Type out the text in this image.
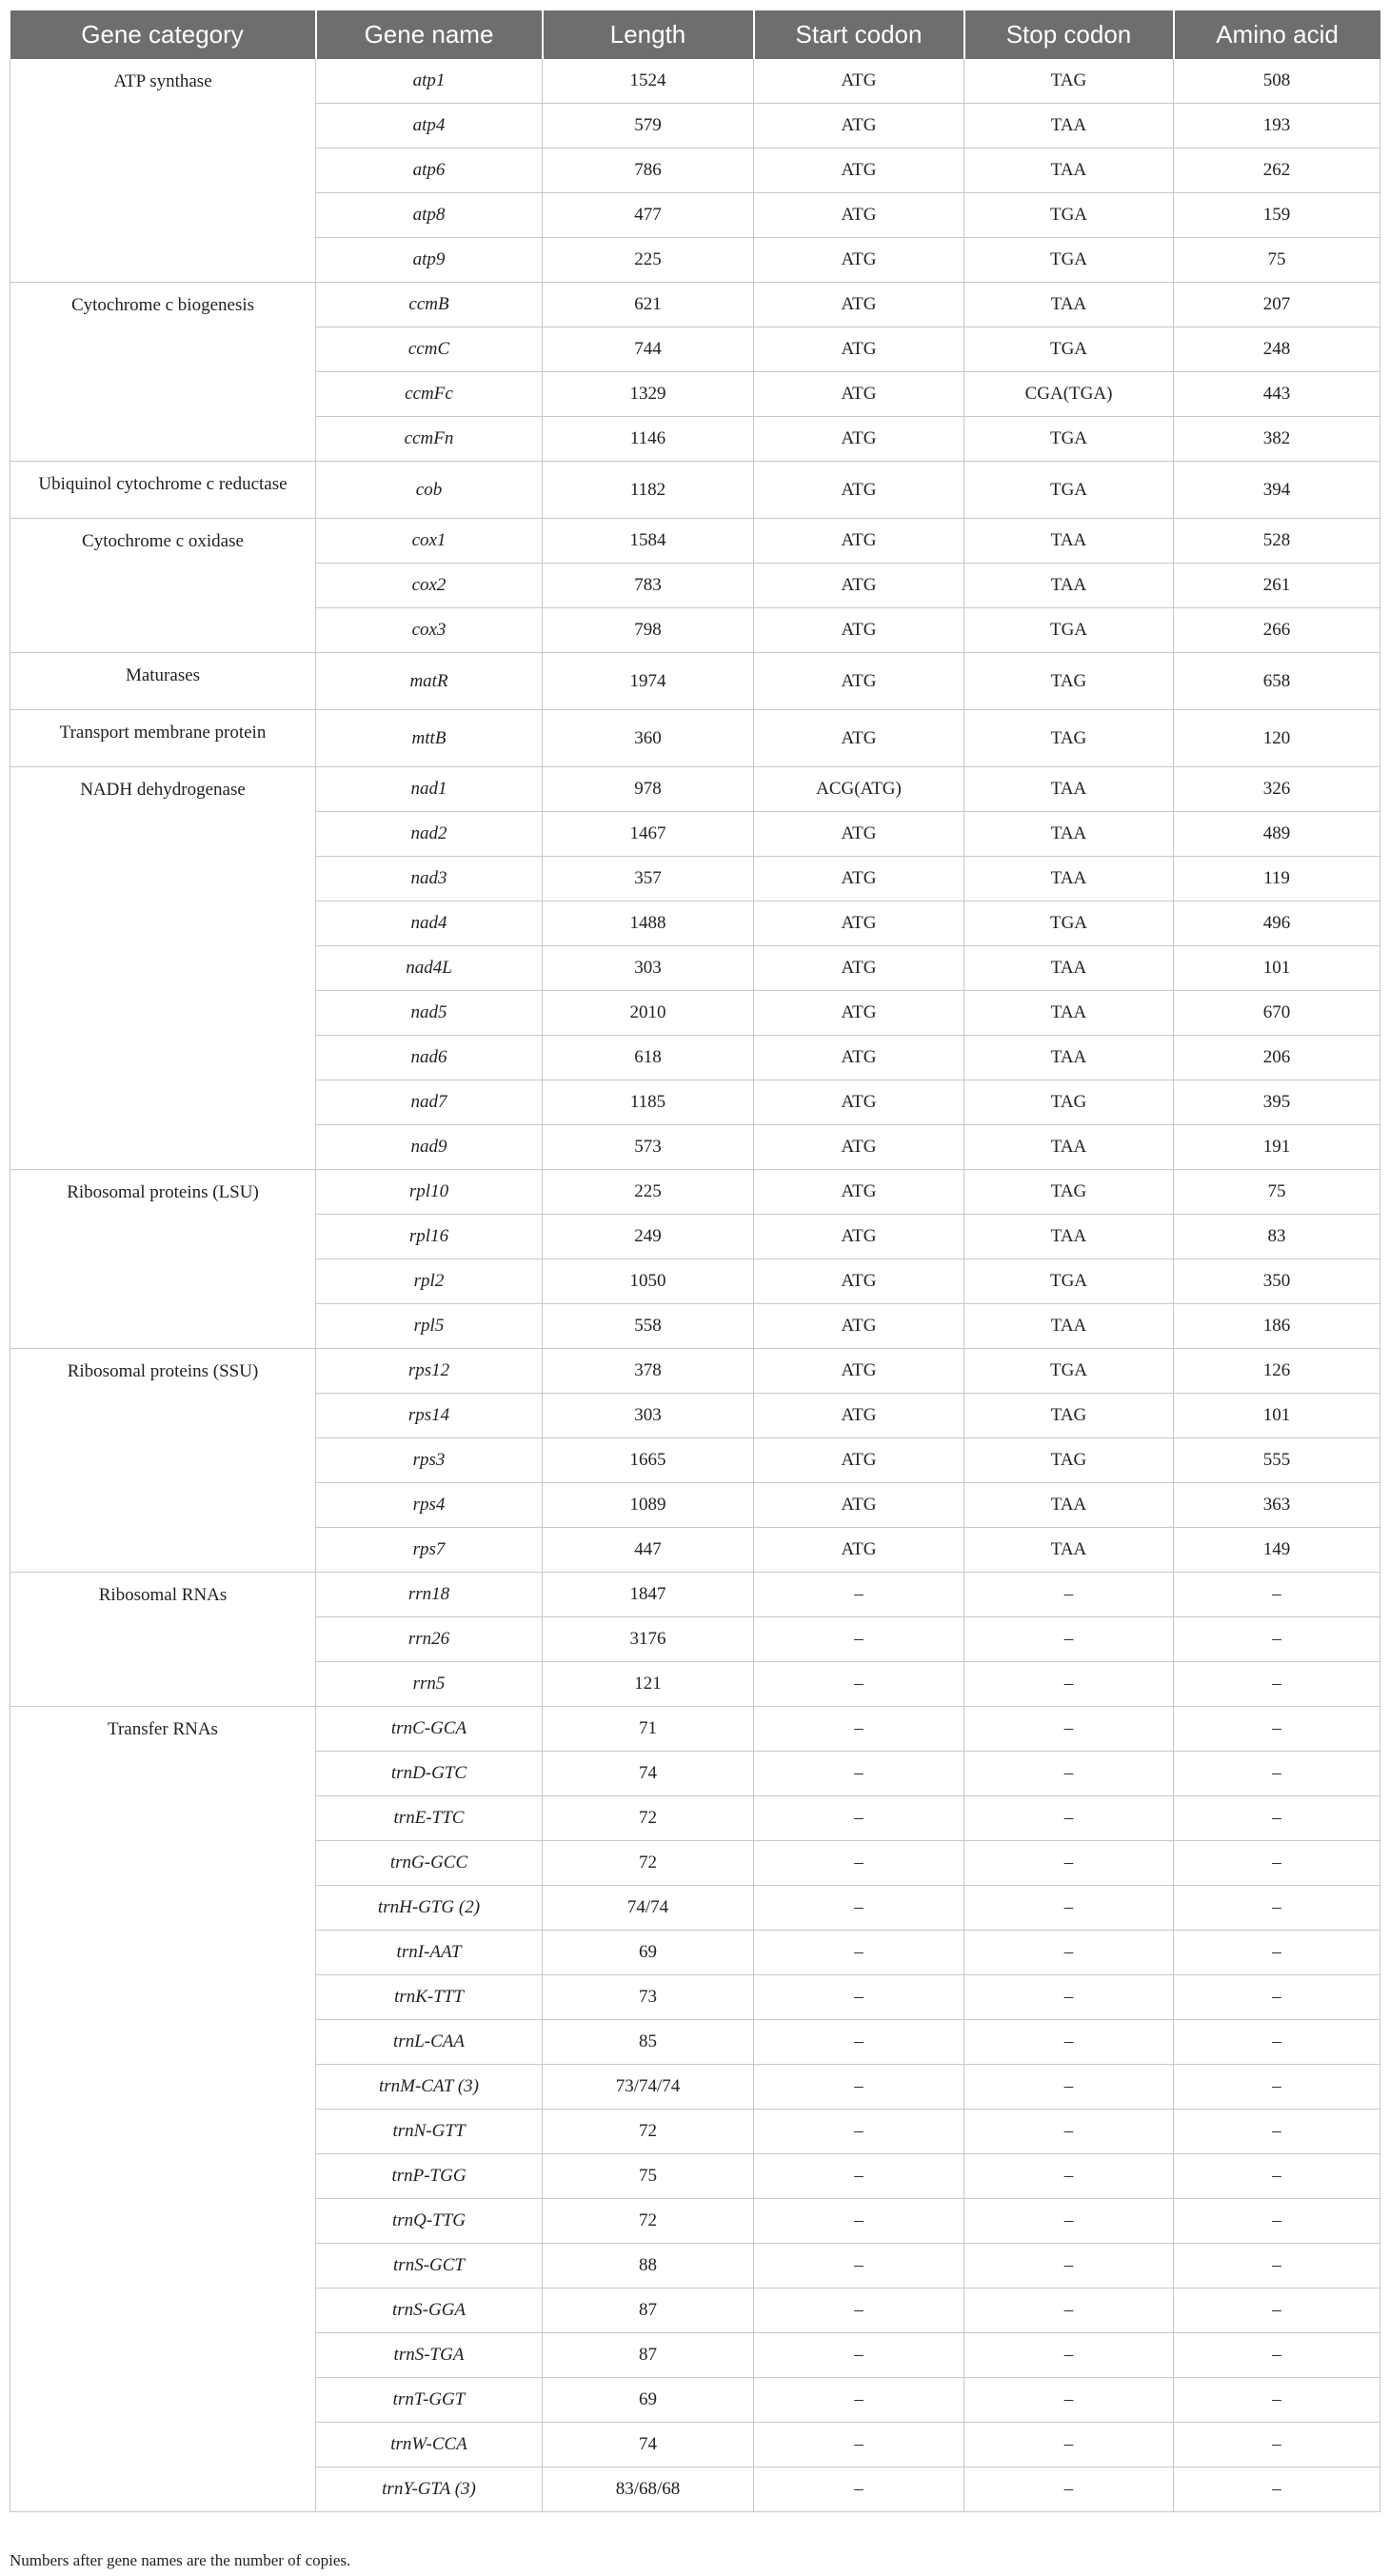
Gene category	Gene name	Length	Start codon	Stop codon	Amino acid
ATP synthase	atp1	1524	ATG	TAG	508
	atp4	579	ATG	TAA	193
	atp6	786	ATG	TAA	262
	atp8	477	ATG	TGA	159
	atp9	225	ATG	TGA	75
Cytochrome c biogenesis	ccmB	621	ATG	TAA	207
	ccmC	744	ATG	TGA	248
	ccmFc	1329	ATG	CGA(TGA)	443
	ccmFn	1146	ATG	TGA	382
Ubiquinol cytochrome c reductase	cob	1182	ATG	TGA	394
Cytochrome c oxidase	cox1	1584	ATG	TAA	528
	cox2	783	ATG	TAA	261
	cox3	798	ATG	TGA	266
Maturases	matR	1974	ATG	TAG	658
Transport membrane protein	mttB	360	ATG	TAG	120
NADH dehydrogenase	nad1	978	ACG(ATG)	TAA	326
	nad2	1467	ATG	TAA	489
	nad3	357	ATG	TAA	119
	nad4	1488	ATG	TGA	496
	nad4L	303	ATG	TAA	101
	nad5	2010	ATG	TAA	670
	nad6	618	ATG	TAA	206
	nad7	1185	ATG	TAG	395
	nad9	573	ATG	TAA	191
Ribosomal proteins (LSU)	rpl10	225	ATG	TAG	75
	rpl16	249	ATG	TAA	83
	rpl2	1050	ATG	TGA	350
	rpl5	558	ATG	TAA	186
Ribosomal proteins (SSU)	rps12	378	ATG	TGA	126
	rps14	303	ATG	TAG	101
	rps3	1665	ATG	TAG	555
	rps4	1089	ATG	TAA	363
	rps7	447	ATG	TAA	149
Ribosomal RNAs	rrn18	1847	–	–	–
	rrn26	3176	–	–	–
	rrn5	121	–	–	–
Transfer RNAs	trnC-GCA	71	–	–	–
	trnD-GTC	74	–	–	–
	trnE-TTC	72	–	–	–
	trnG-GCC	72	–	–	–
	trnH-GTG (2)	74/74	–	–	–
	trnI-AAT	69	–	–	–
	trnK-TTT	73	–	–	–
	trnL-CAA	85	–	–	–
	trnM-CAT (3)	73/74/74	–	–	–
	trnN-GTT	72	–	–	–
	trnP-TGG	75	–	–	–
	trnQ-TTG	72	–	–	–
	trnS-GCT	88	–	–	–
	trnS-GGA	87	–	–	–
	trnS-TGA	87	–	–	–
	trnT-GGT	69	–	–	–
	trnW-CCA	74	–	–	–
	trnY-GTA (3)	83/68/68	–	–	–

Numbers after gene names are the number of copies.
